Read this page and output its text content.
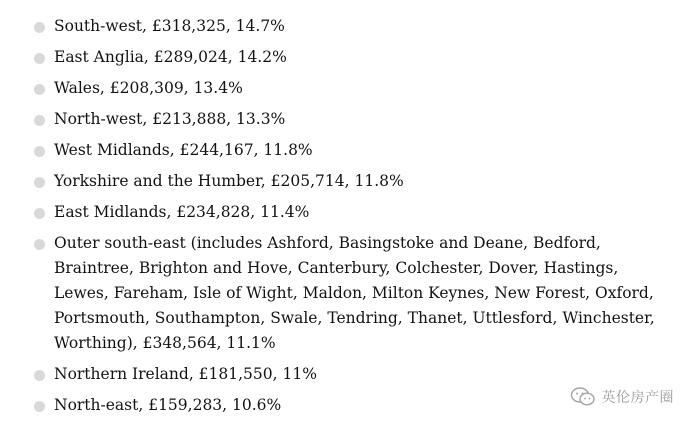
South-west, £318,325, 14.7%
East Anglia, £289,024, 14.2%
Wales, £208,309, 13.4%
North-west, £213,888, 13.3%
West Midlands, £244,167, 11.8%
Yorkshire and the Humber, £205,714, 11.8%
East Midlands, £234,828, 11.4%
Outer south-east (includes Ashford, Basingstoke and Deane, Bedford, Braintree, Brighton and Hove, Canterbury, Colchester, Dover, Hastings, Lewes, Fareham, Isle of Wight, Maldon, Milton Keynes, New Forest, Oxford, Portsmouth, Southampton, Swale, Tendring, Thanet, Uttlesford, Winchester, Worthing), £348,564, 11.1%
Northern Ireland, £181,550, 11%
North-east, £159,283, 10.6%	英伦房产圈
